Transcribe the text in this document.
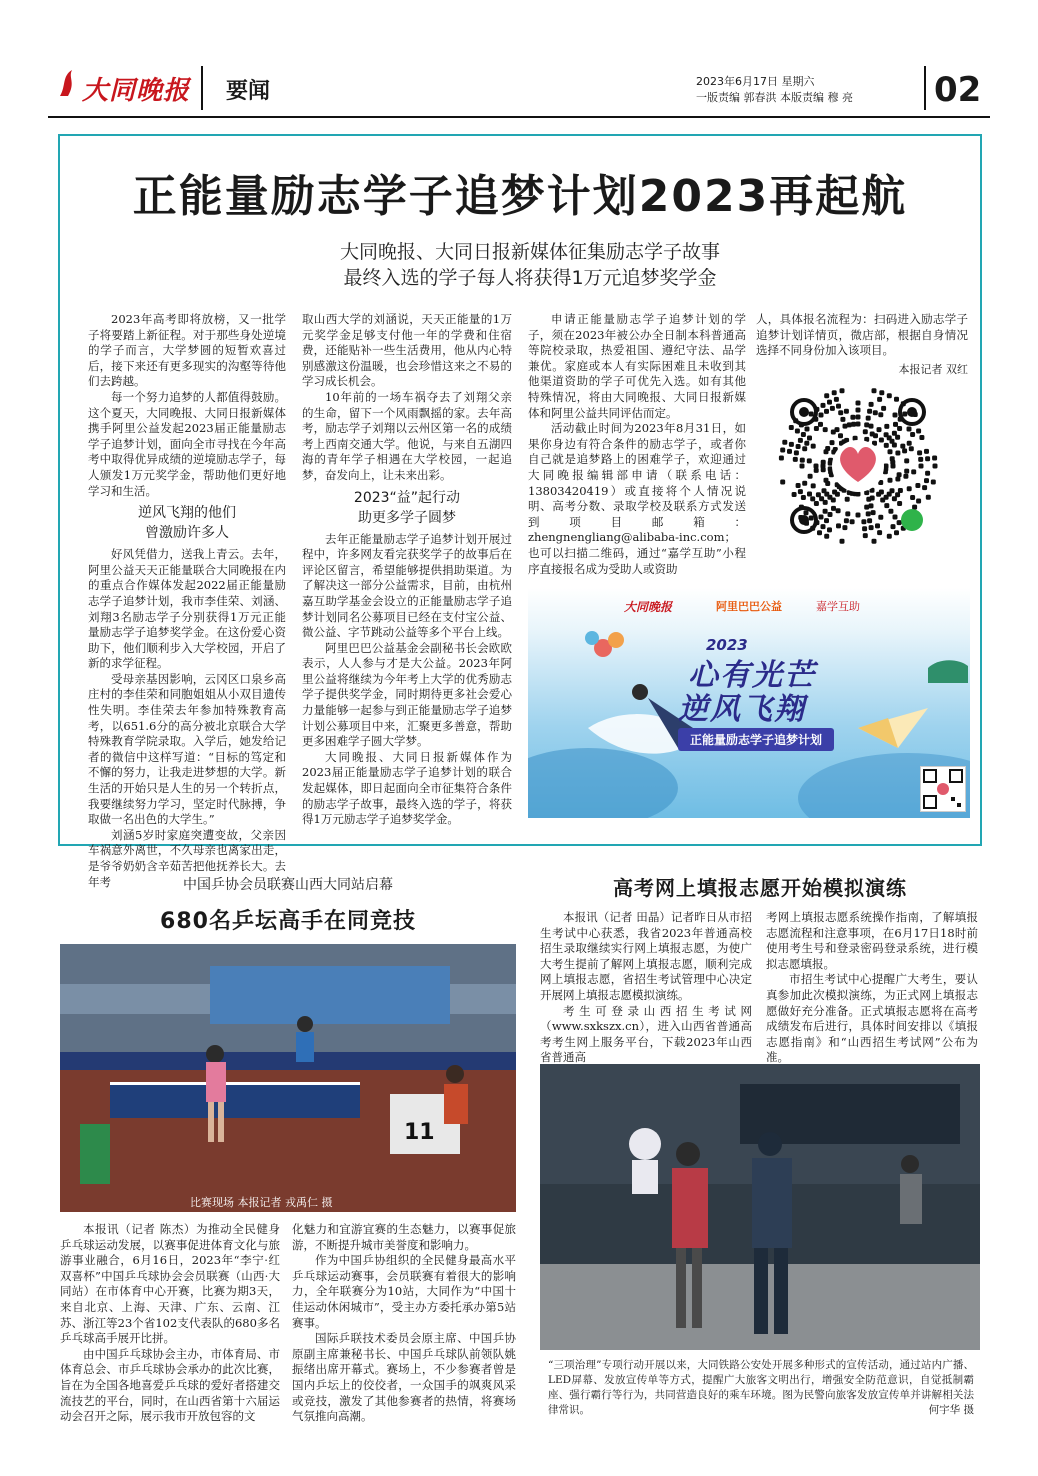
大同晚报 要闻	2023年6月17日 星期六
一版责编 郭春洪 本版责编 穆 亮 02
正能量励志学子追梦计划2023再起航
大同晚报、大同日报新媒体征集励志学子故事
最终入选的学子每人将获得1万元追梦奖学金

2023年高考即将放榜，又一批学子将要踏上新征程。对于那些身处逆境的学子而言，大学梦圆的短暂欢喜过后，接下来还有更多现实的沟壑等待他们去跨越。

每一个努力追梦的人都值得鼓励。这个夏天，大同晚报、大同日报新媒体携手阿里公益发起2023届正能量励志学子追梦计划，面向全市寻找在今年高考中取得优异成绩的逆境励志学子，每人颁发1万元奖学金，帮助他们更好地学习和生活。

逆风飞翔的他们
曾激励许多人

好风凭借力，送我上青云。去年，阿里公益天天正能量联合大同晚报在内的重点合作媒体发起2022届正能量励志学子追梦计划，我市李佳荣、刘涵、刘翔3名励志学子分别获得1万元正能量励志学子追梦奖学金。在这份爱心资助下，他们顺利步入大学校园，开启了新的求学征程。

受母亲基因影响，云冈区口泉乡高庄村的李佳荣和同胞姐姐从小双目遗传性失明。李佳荣去年参加特殊教育高考，以651.6分的高分被北京联合大学特殊教育学院录取。入学后，她发给记者的微信中这样写道：“目标的笃定和不懈的努力，让我走进梦想的大学。新生活的开始只是人生的另一个转折点，我要继续努力学习，坚定时代脉搏，争取做一名出色的大学生。”

刘涵5岁时家庭突遭变故，父亲因车祸意外离世，不久母亲也离家出走，是爷爷奶奶含辛茹苦把他抚养长大。去年考

取山西大学的刘涵说，天天正能量的1万元奖学金足够支付他一年的学费和住宿费，还能贴补一些生活费用，他从内心特别感激这份温暖，也会珍惜这来之不易的学习成长机会。

10年前的一场车祸夺去了刘翔父亲的生命，留下一个风雨飘摇的家。去年高考，励志学子刘翔以云州区第一名的成绩考上西南交通大学。他说，与来自五湖四海的青年学子相遇在大学校园，一起追梦，奋发向上，让未来出彩。

2023“益”起行动
助更多学子圆梦

去年正能量励志学子追梦计划开展过程中，许多网友看完获奖学子的故事后在评论区留言，希望能够提供捐助渠道。为了解决这一部分公益需求，目前，由杭州嘉互助学基金会设立的正能量励志学子追梦计划同名公募项目已经在支付宝公益、微公益、字节跳动公益等多个平台上线。

阿里巴巴公益基金会副秘书长会欧欧表示，人人参与才是大公益。2023年阿里公益将继续为今年考上大学的优秀励志学子提供奖学金，同时期待更多社会爱心力量能够一起参与到正能量励志学子追梦计划公募项目中来，汇聚更多善意，帮助更多困难学子圆大学梦。

大同晚报、大同日报新媒体作为2023届正能量励志学子追梦计划的联合发起媒体，即日起面向全市征集符合条件的励志学子故事，最终入选的学子，将获得1万元励志学子追梦奖学金。

申请正能量励志学子追梦计划的学子，须在2023年被公办全日制本科普通高等院校录取，热爱祖国、遵纪守法、品学兼优。家庭或本人有实际困难且未收到其他渠道资助的学子可优先入选。如有其他特殊情况，将由大同晚报、大同日报新媒体和阿里公益共同评估而定。

活动截止时间为2023年8月31日，如果你身边有符合条件的励志学子，或者你自己就是追梦路上的困难学子，欢迎通过大同晚报编辑部申请（联系电话：13803420419）或直接将个人情况说明、高考分数、录取学校及联系方式发送到项目邮箱：zhengnengliang@alibaba-inc.com；也可以扫描二维码，通过“嘉学互助”小程序直接报名成为受助人或资助

人，具体报名流程为：扫码进入励志学子追梦计划详情页，微店部，根据自身情况选择不同身份加入该项目。

本报记者 双红
大同晚报	阿里巴巴公益	嘉学互助
2023
心有光芒
逆风飞翔
正能量励志学子追梦计划
中国乒协会员联赛山西大同站启幕
680名乒坛高手在同竞技
11
比赛现场 本报记者 戎禹仁 摄

本报讯（记者 陈杰）为推动全民健身乒乓球运动发展，以赛事促进体育文化与旅游事业融合，6月16日，2023年“李宁·红双喜杯”中国乒乓球协会会员联赛（山西·大同站）在市体育中心开赛，比赛为期3天，来自北京、上海、天津、广东、云南、江苏、浙江等23个省102支代表队的680多名乒乓球高手展开比拼。

由中国乒乓球协会主办，市体育局、市体育总会、市乒乓球协会承办的此次比赛，旨在为全国各地喜爱乒乓球的爱好者搭建交流技艺的平台，同时，在山西省第十六届运动会召开之际，展示我市开放包容的文

化魅力和宜游宜赛的生态魅力，以赛事促旅游，不断提升城市美誉度和影响力。

作为中国乒协组织的全民健身最高水平乒乓球运动赛事，会员联赛有着很大的影响力，全年联赛分为10站，大同作为“中国十佳运动休闲城市”，受主办方委托承办第5站赛事。

国际乒联技术委员会原主席、中国乒协原副主席兼秘书长、中国乒乓球队前领队姚振绪出席开幕式。赛场上，不少参赛者曾是国内乒坛上的佼佼者，一众国手的飒爽风采或竞技，激发了其他参赛者的热情，将赛场气氛推向高潮。

高考网上填报志愿开始模拟演练

本报讯（记者 田晶）记者昨日从市招生考试中心获悉，我省2023年普通高校招生录取继续实行网上填报志愿，为使广大考生提前了解网上填报志愿，顺利完成网上填报志愿，省招生考试管理中心决定开展网上填报志愿模拟演练。

考生可登录山西招生考试网（www.sxkszx.cn），进入山西省普通高考考生网上服务平台，下载2023年山西省普通高

考网上填报志愿系统操作指南，了解填报志愿流程和注意事项，在6月17日18时前使用考生号和登录密码登录系统，进行模拟志愿填报。

市招生考试中心提醒广大考生，要认真参加此次模拟演练，为正式网上填报志愿做好充分准备。正式填报志愿将在高考成绩发布后进行，具体时间安排以《填报志愿指南》和“山西招生考试网”公布为准。

“三项治理”专项行动开展以来，大同铁路公安处开展多种形式的宣传活动，通过站内广播、LED屏幕、发放宣传单等方式，提醒广大旅客文明出行，增强安全防范意识，自觉抵制霸座、强行霸行等行为，共同营造良好的乘车环境。图为民警向旅客发放宣传单并讲解相关法律常识。	何宇华 摄
